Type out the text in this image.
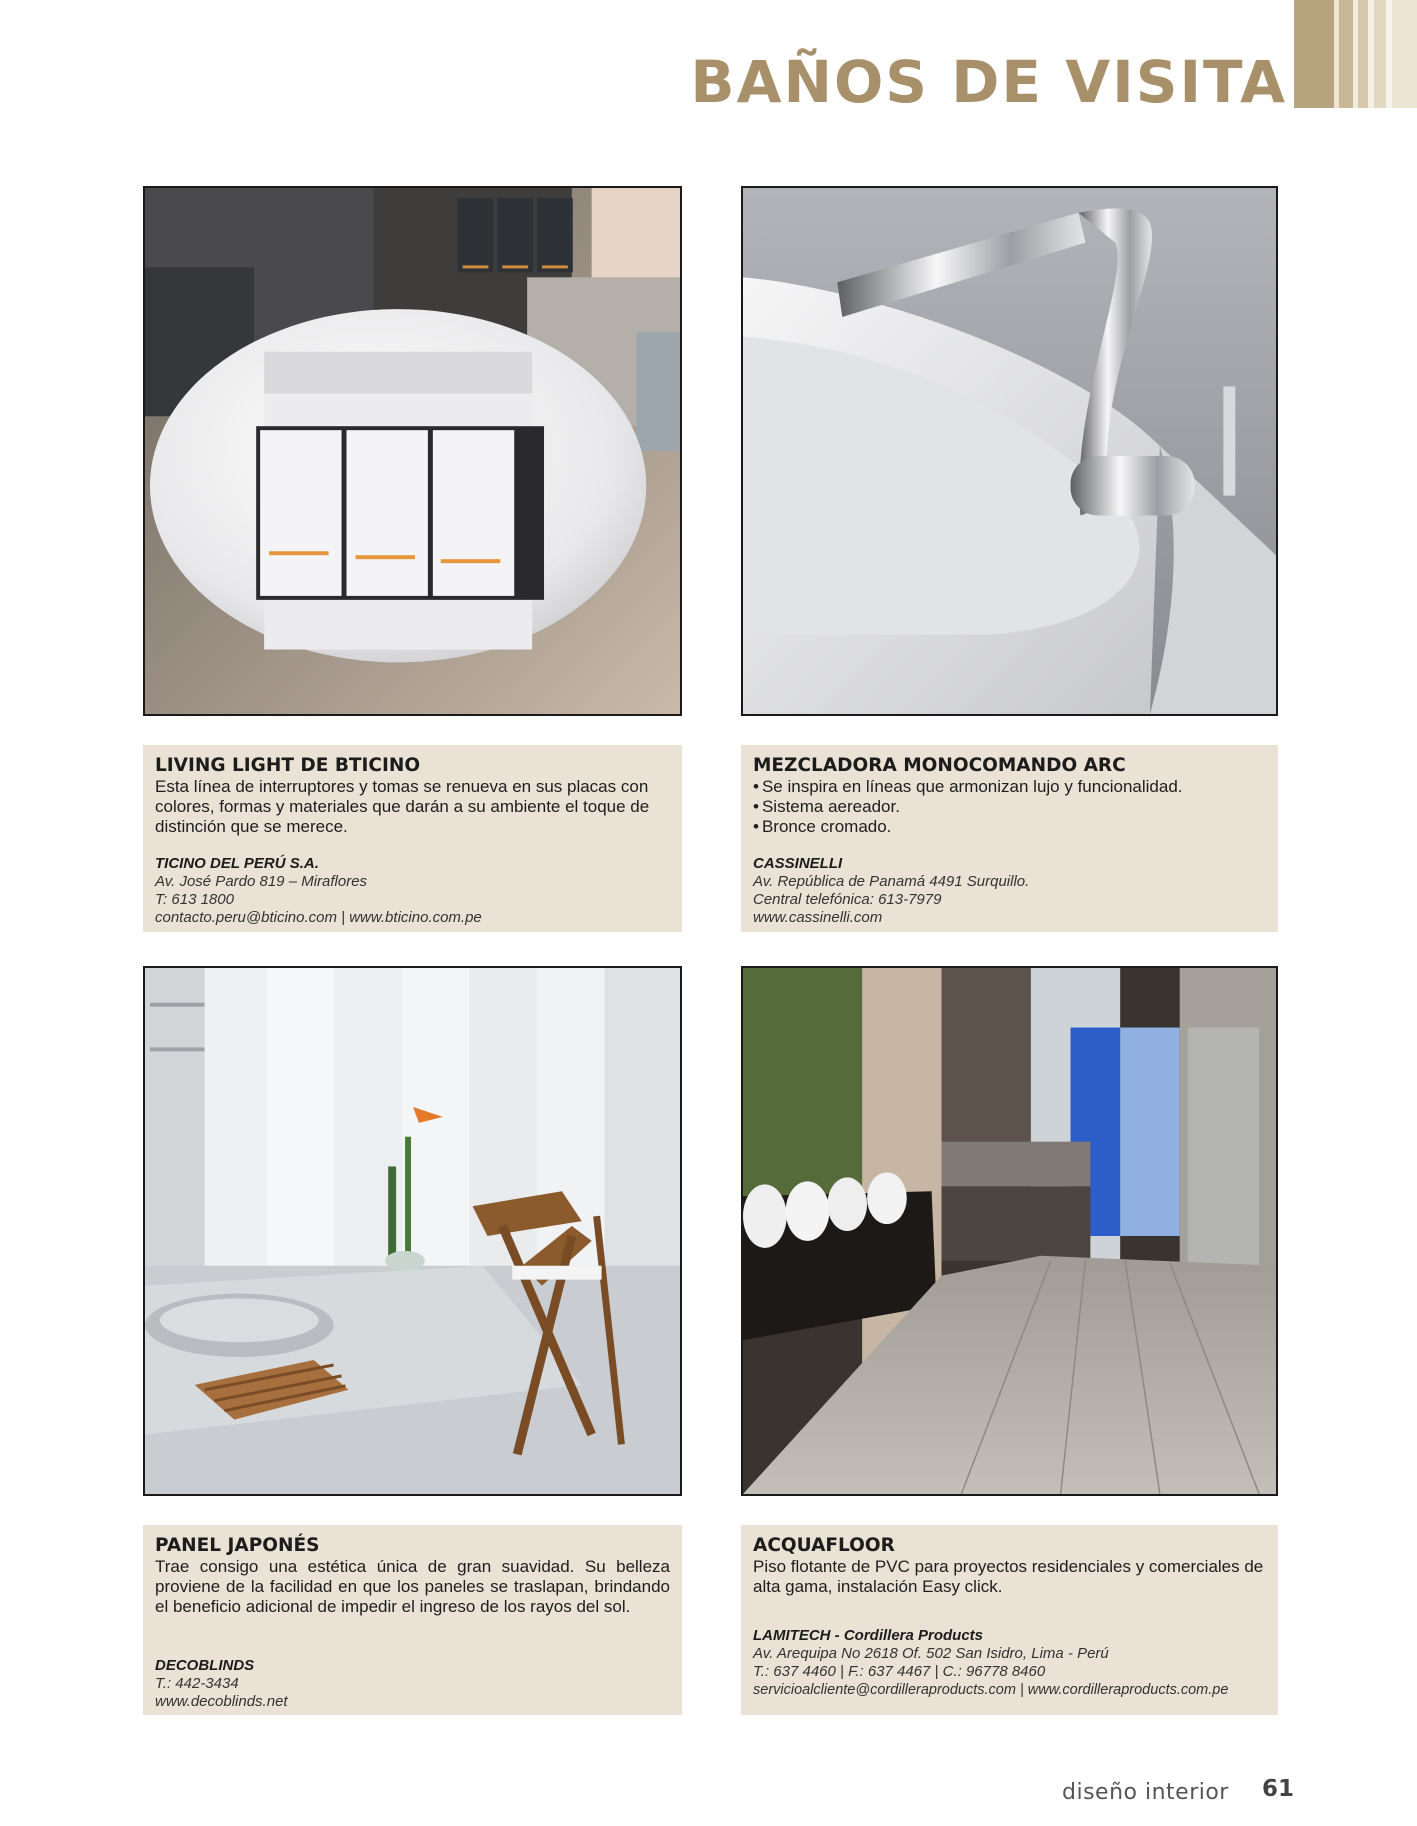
BAÑOS DE VISITA
LIVING LIGHT DE BTICINO

Esta línea de interruptores y tomas se renueva en sus placas con colores, formas y materiales que darán a su ambiente el toque de distinción que se merece.

TICINO DEL PERÚ S.A.

Av. José Pardo 819 – Miraflores

T: 613 1800

contacto.peru@bticino.com | www.bticino.com.pe

MEZCLADORA MONOCOMANDO ARC
• Se inspira en líneas que armonizan lujo y funcionalidad.
• Sistema aereador.
• Bronce cromado.

CASSINELLI

Av. República de Panamá 4491 Surquillo.

Central telefónica: 613-7979

www.cassinelli.com

PANEL JAPONÉS

Trae consigo una estética única de gran suavidad. Su belleza proviene de la facilidad en que los paneles se traslapan, brindando el beneficio adicional de impedir el ingreso de los rayos del sol.

DECOBLINDS

T.: 442-3434

www.decoblinds.net

ACQUAFLOOR

Piso flotante de PVC para proyectos residenciales y comerciales de alta gama, instalación Easy click.

LAMITECH - Cordillera Products

Av. Arequipa No 2618 Of. 502 San Isidro, Lima - Perú

T.: 637 4460 | F.: 637 4467 | C.: 96778 8460

servicioalcliente@cordilleraproducts.com | www.cordilleraproducts.com.pe

diseño interior 61
